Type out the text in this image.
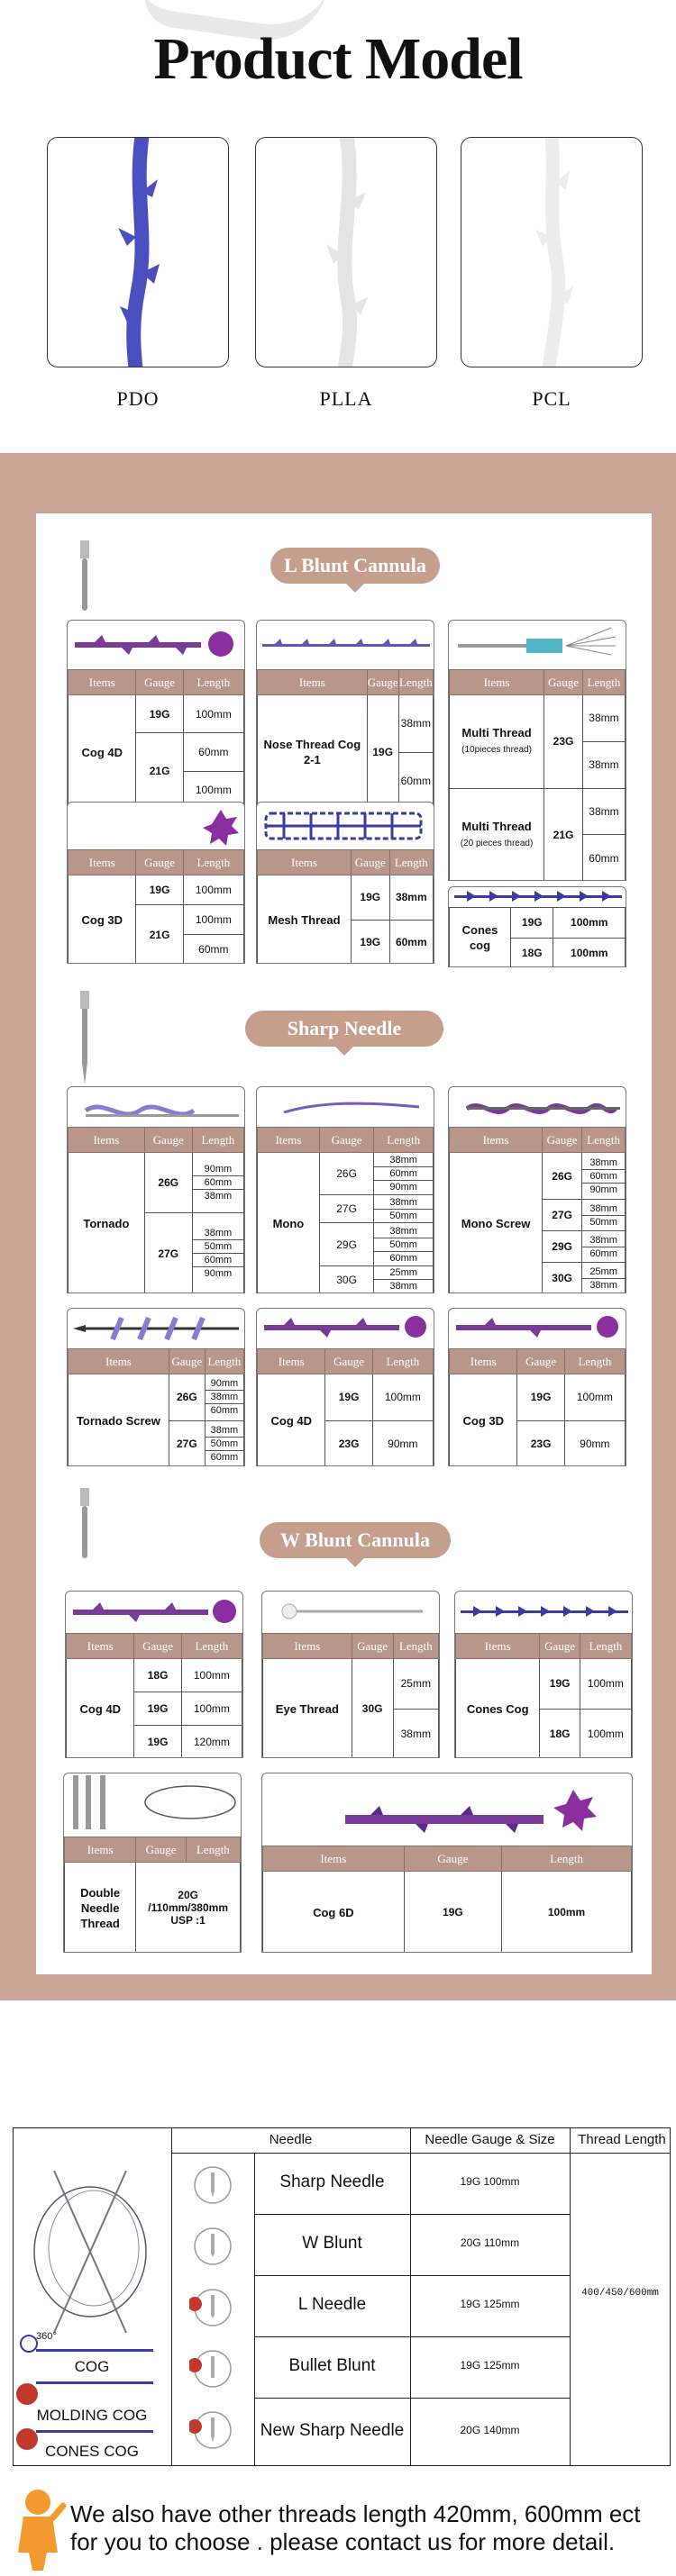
Product Model
PDO	PLLA	PCL
L Blunt Cannula
Items	Gauge	Length
Cog 4D	19G	100mm
	21G	60mm
		100mm
Items	Gauge	Length
Nose Thread Cog 2-1	19G	38mm
		60mm
Items	Gauge	Length
Multi Thread
(10pieces thread)	23G	38mm
		38mm
Multi Thread
(20 pieces thread)	21G	38mm
		60mm
Items	Gauge	Length
Cog 3D	19G	100mm
	21G	100mm
		60mm
Items	Gauge	Length
Mesh Thread	19G	38mm
	19G	60mm
Cones cog	19G	100mm
	18G	100mm
Sharp Needle
Items	Gauge	Length
Tornado	26G	90mm
60mm
38mm

	27G	38mm
50mm
60mm
90mm
Items	Gauge	Length
Mono	26G	38mm
60mm
90mm

	27G	38mm
50mm

	29G	38mm
50mm
60mm

	30G	25mm
38mm
Items	Gauge	Length
Mono Screw	26G	38mm
60mm
90mm

	27G	38mm
50mm

	29G	38mm
60mm

	30G	25mm
38mm
Items	Gauge	Length
Tornado Screw	26G	90mm
38mm
60mm

	27G	38mm
50mm
60mm
Items	Gauge	Length
Cog 4D	19G	100mm
	23G	90mm
Items	Gauge	Length
Cog 3D	19G	100mm
	23G	90mm
W Blunt Cannula
Items	Gauge	Length
Cog 4D	18G	100mm
	19G	100mm
	19G	120mm
Items	Gauge	Length
Eye Thread	30G	25mm
		38mm
Items	Gauge	Length
Cones Cog	19G	100mm
	18G	100mm
Items	Gauge	Length
Double Needle Thread	20G /110mm/380mm USP :1	
Items	Gauge	Length
Cog 6D	19G	100mm
Needle	Needle Gauge & Size	Thread Length
360°
COG
MOLDING COG
CONES COG
Sharp Needle	19G 100mm
W Blunt	20G 110mm
L Needle	19G 125mm
Bullet Blunt	19G 125mm
New Sharp Needle	20G 140mm
400/450/600mm
We also have other threads length 420mm, 600mm ect
for you to choose . please contact us for more detail.
